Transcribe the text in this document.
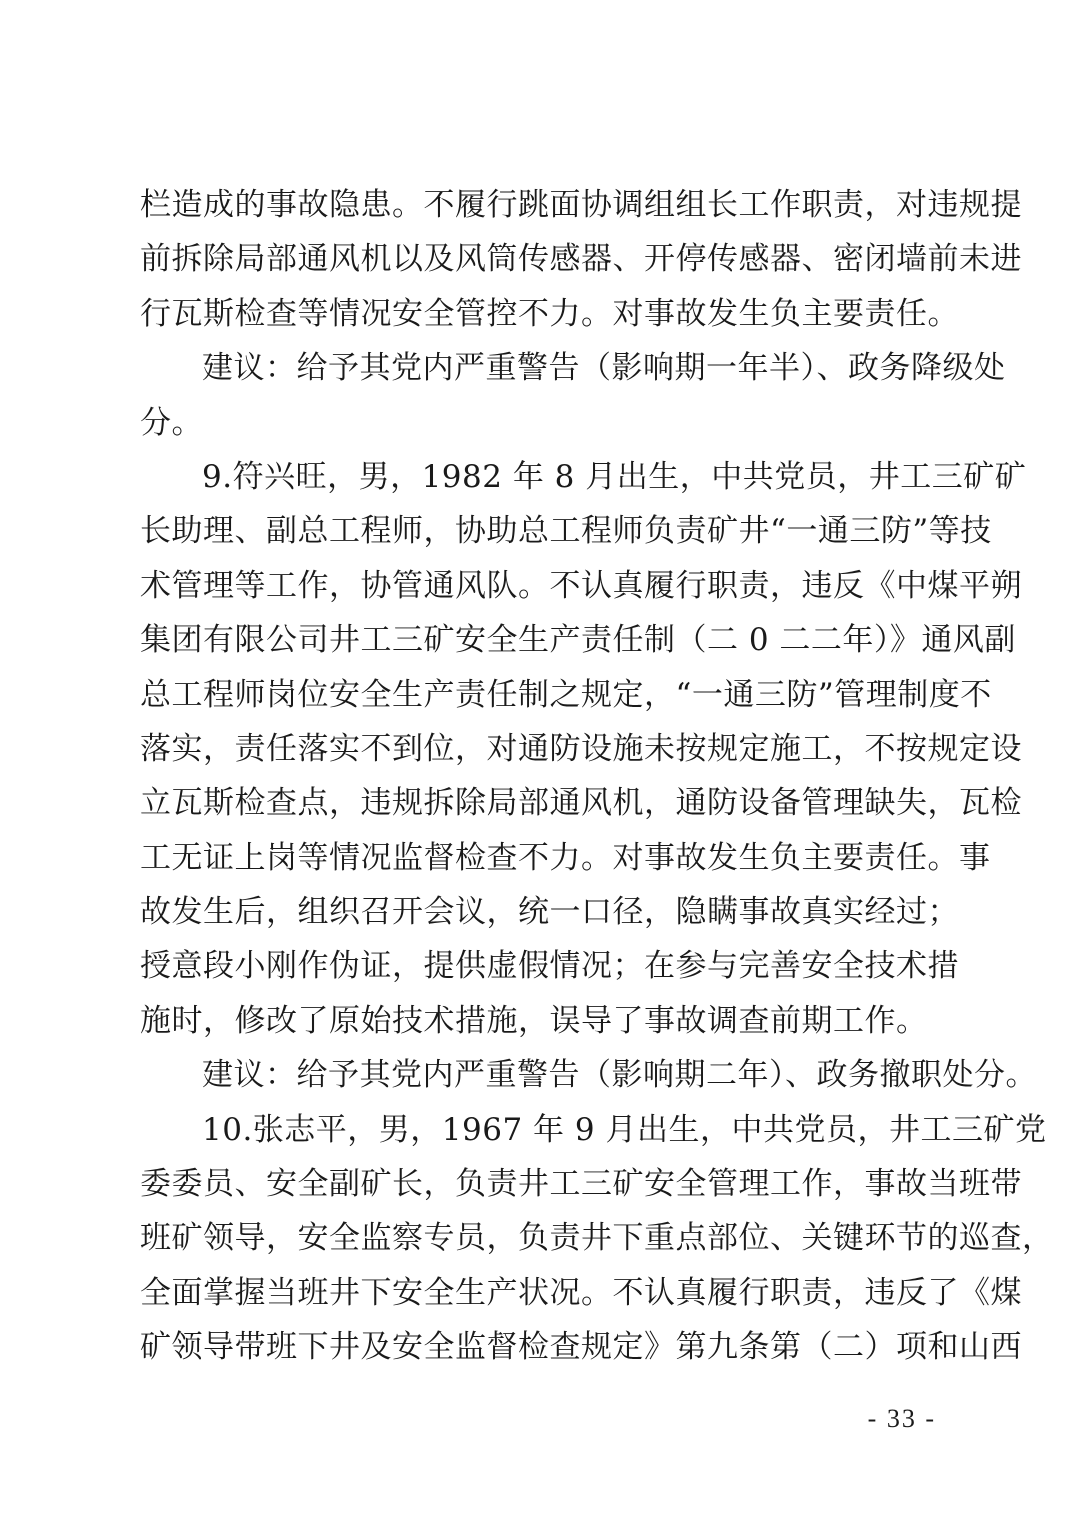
栏造成的事故隐患。不履行跳面协调组组长工作职责，对违规提
前拆除局部通风机以及风筒传感器、开停传感器、密闭墙前未进
行瓦斯检查等情况安全管控不力。对事故发生负主要责任。
建议：给予其党内严重警告（影响期一年半）、政务降级处
分。
9.符兴旺，男，1982 年 8 月出生，中共党员，井工三矿矿
长助理、副总工程师，协助总工程师负责矿井“一通三防”等技
术管理等工作，协管通风队。不认真履行职责，违反《中煤平朔
集团有限公司井工三矿安全生产责任制（二 0 二二年）》通风副
总工程师岗位安全生产责任制之规定，“一通三防”管理制度不
落实，责任落实不到位，对通防设施未按规定施工，不按规定设
立瓦斯检查点，违规拆除局部通风机，通防设备管理缺失，瓦检
工无证上岗等情况监督检查不力。对事故发生负主要责任。事
故发生后，组织召开会议，统一口径，隐瞒事故真实经过；
授意段小刚作伪证，提供虚假情况；在参与完善安全技术措
施时，修改了原始技术措施，误导了事故调查前期工作。
建议：给予其党内严重警告（影响期二年）、政务撤职处分。
10.张志平，男，1967 年 9 月出生，中共党员，井工三矿党
委委员、安全副矿长，负责井工三矿安全管理工作，事故当班带
班矿领导，安全监察专员，负责井下重点部位、关键环节的巡查，
全面掌握当班井下安全生产状况。不认真履行职责，违反了《煤
矿领导带班下井及安全监督检查规定》第九条第（二）项和山西
- 33 -
